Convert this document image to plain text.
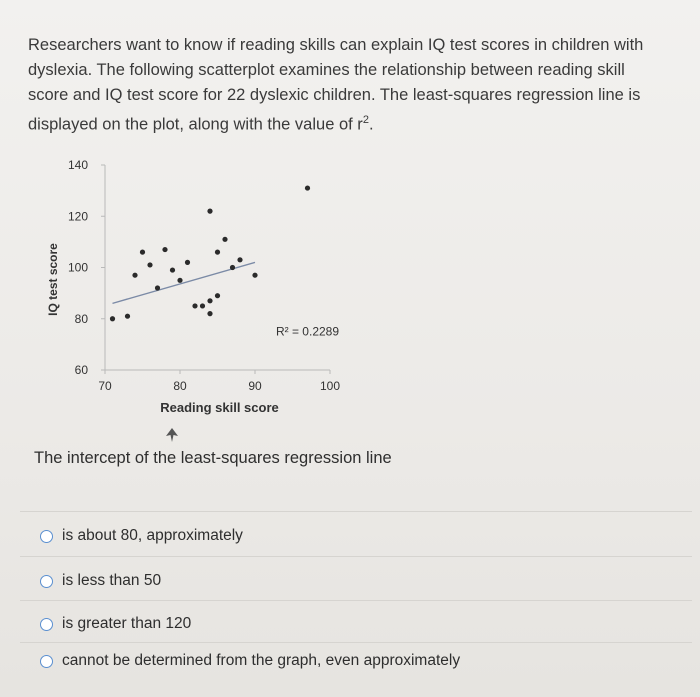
Researchers want to know if reading skills can explain IQ test scores in children with
dyslexia. The following scatterplot examines the relationship between reading skill
score and IQ test score for 22 dyslexic children. The least-squares regression line is
displayed on the plot, along with the value of $r^2$.
60
80
100
120
140
70	80	90	100
Reading skill score
IQ test score
R² = 0.2289
The intercept of the least-squares regression line
is about 80, approximately
is less than 50
is greater than 120
cannot be determined from the graph, even approximately
